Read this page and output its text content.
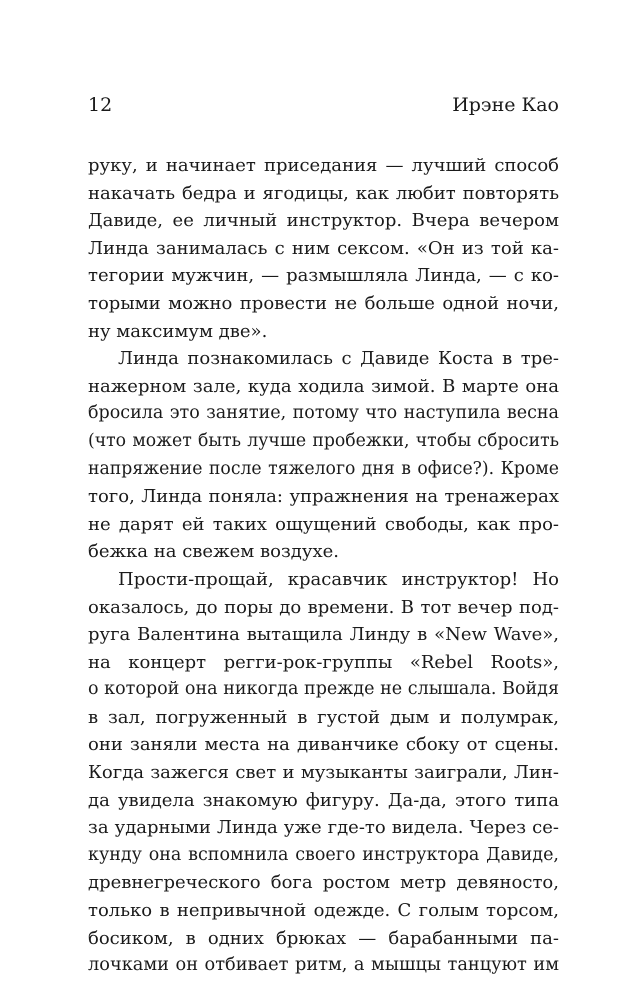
12	Ирэне Као
руку, и начинает приседания — лучший способ
накачать бедра и ягодицы, как любит повторять
Давиде, ее личный инструктор. Вчера вечером
Линда занималась с ним сексом. «Он из той ка-
тегории мужчин, — размышляла Линда, — с ко-
торыми можно провести не больше одной ночи,
ну максимум две».
Линда познакомилась с Давиде Коста в тре-
нажерном зале, куда ходила зимой. В марте она
бросила это занятие, потому что наступила весна
(что может быть лучше пробежки, чтобы сбросить
напряжение после тяжелого дня в офисе?). Кроме
того, Линда поняла: упражнения на тренажерах
не дарят ей таких ощущений свободы, как про-
бежка на свежем воздухе.
Прости-прощай, красавчик инструктор! Но
оказалось, до поры до времени. В тот вечер под-
руга Валентина вытащила Линду в «New Wave»,
на концерт регги-рок-группы «Rebel Roots»,
о которой она никогда прежде не слышала. Войдя
в зал, погруженный в густой дым и полумрак,
они заняли места на диванчике сбоку от сцены.
Когда зажегся свет и музыканты заиграли, Лин-
да увидела знакомую фигуру. Да-да, этого типа
за ударными Линда уже где-то видела. Через се-
кунду она вспомнила своего инструктора Давиде,
древнегреческого бога ростом метр девяносто,
только в непривычной одежде. С голым торсом,
босиком, в одних брюках — барабанными па-
лочками он отбивает ритм, а мышцы танцуют им
